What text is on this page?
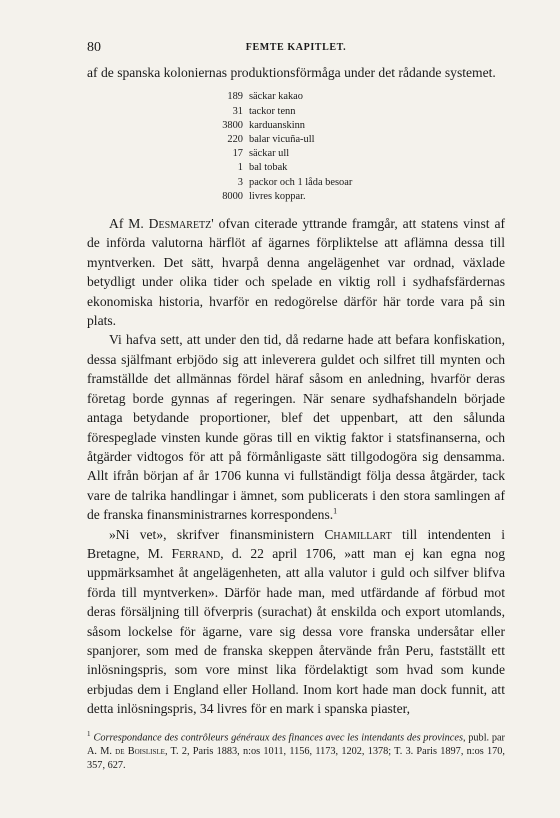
80	FEMTE KAPITLET.

af de spanska koloniernas produktionsförmåga under det rådande systemet.

189 säckar kakao
31 tackor tenn
3800 karduanskinn
220 balar vicuña-ull
17 säckar ull
1 bal tobak
3 packor och 1 låda besoar
8000 livres koppar.

Af M. Desmaretz' ofvan citerade yttrande framgår, att statens vinst af de införda valutorna härflöt af ägarnes förpliktelse att aflämna dessa till myntverken. Det sätt, hvarpå denna angelägenhet var ordnad, växlade betydligt under olika tider och spelade en viktig roll i sydhafsfärdernas ekonomiska historia, hvarför en redogörelse därför här torde vara på sin plats.

Vi hafva sett, att under den tid, då redarne hade att befara konfiskation, dessa själfmant erbjödo sig att inleverera guldet och silfret till mynten och framställde det allmännas fördel häraf såsom en anledning, hvarför deras företag borde gynnas af regeringen. När senare sydhafshandeln började antaga betydande proportioner, blef det uppenbart, att den sålunda förespeglade vinsten kunde göras till en viktig faktor i statsfinanserna, och åtgärder vidtogos för att på förmånligaste sätt tillgodogöra sig densamma. Allt ifrån början af år 1706 kunna vi fullständigt följa dessa åtgärder, tack vare de talrika handlingar i ämnet, som publicerats i den stora samlingen af de franska finansministrarnes korrespondens.$^1$

»Ni vet», skrifver finansministern Chamillart till intendenten i Bretagne, M. Ferrand, d. 22 april 1706, »att man ej kan egna nog uppmärksamhet åt angelägenheten, att alla valutor i guld och silfver blifva förda till myntverken». Därför hade man, med utfärdande af förbud mot deras försäljning till öfverpris (surachat) åt enskilda och export utomlands, såsom lockelse för ägarne, vare sig dessa vore franska undersåtar eller spanjorer, som med de franska skeppen återvände från Peru, fastställt ett inlösningspris, som vore minst lika fördelaktigt som hvad som kunde erbjudas dem i England eller Holland. Inom kort hade man dock funnit, att detta inlösningspris, 34 livres för en mark i spanska piaster,

$^1$ Correspondance des contrôleurs généraux des finances avec les intendants des provinces, publ. par A. M. de Boislisle, T. 2, Paris 1883, n:os 1011, 1156, 1173, 1202, 1378; T. 3. Paris 1897, n:os 170, 357, 627.
